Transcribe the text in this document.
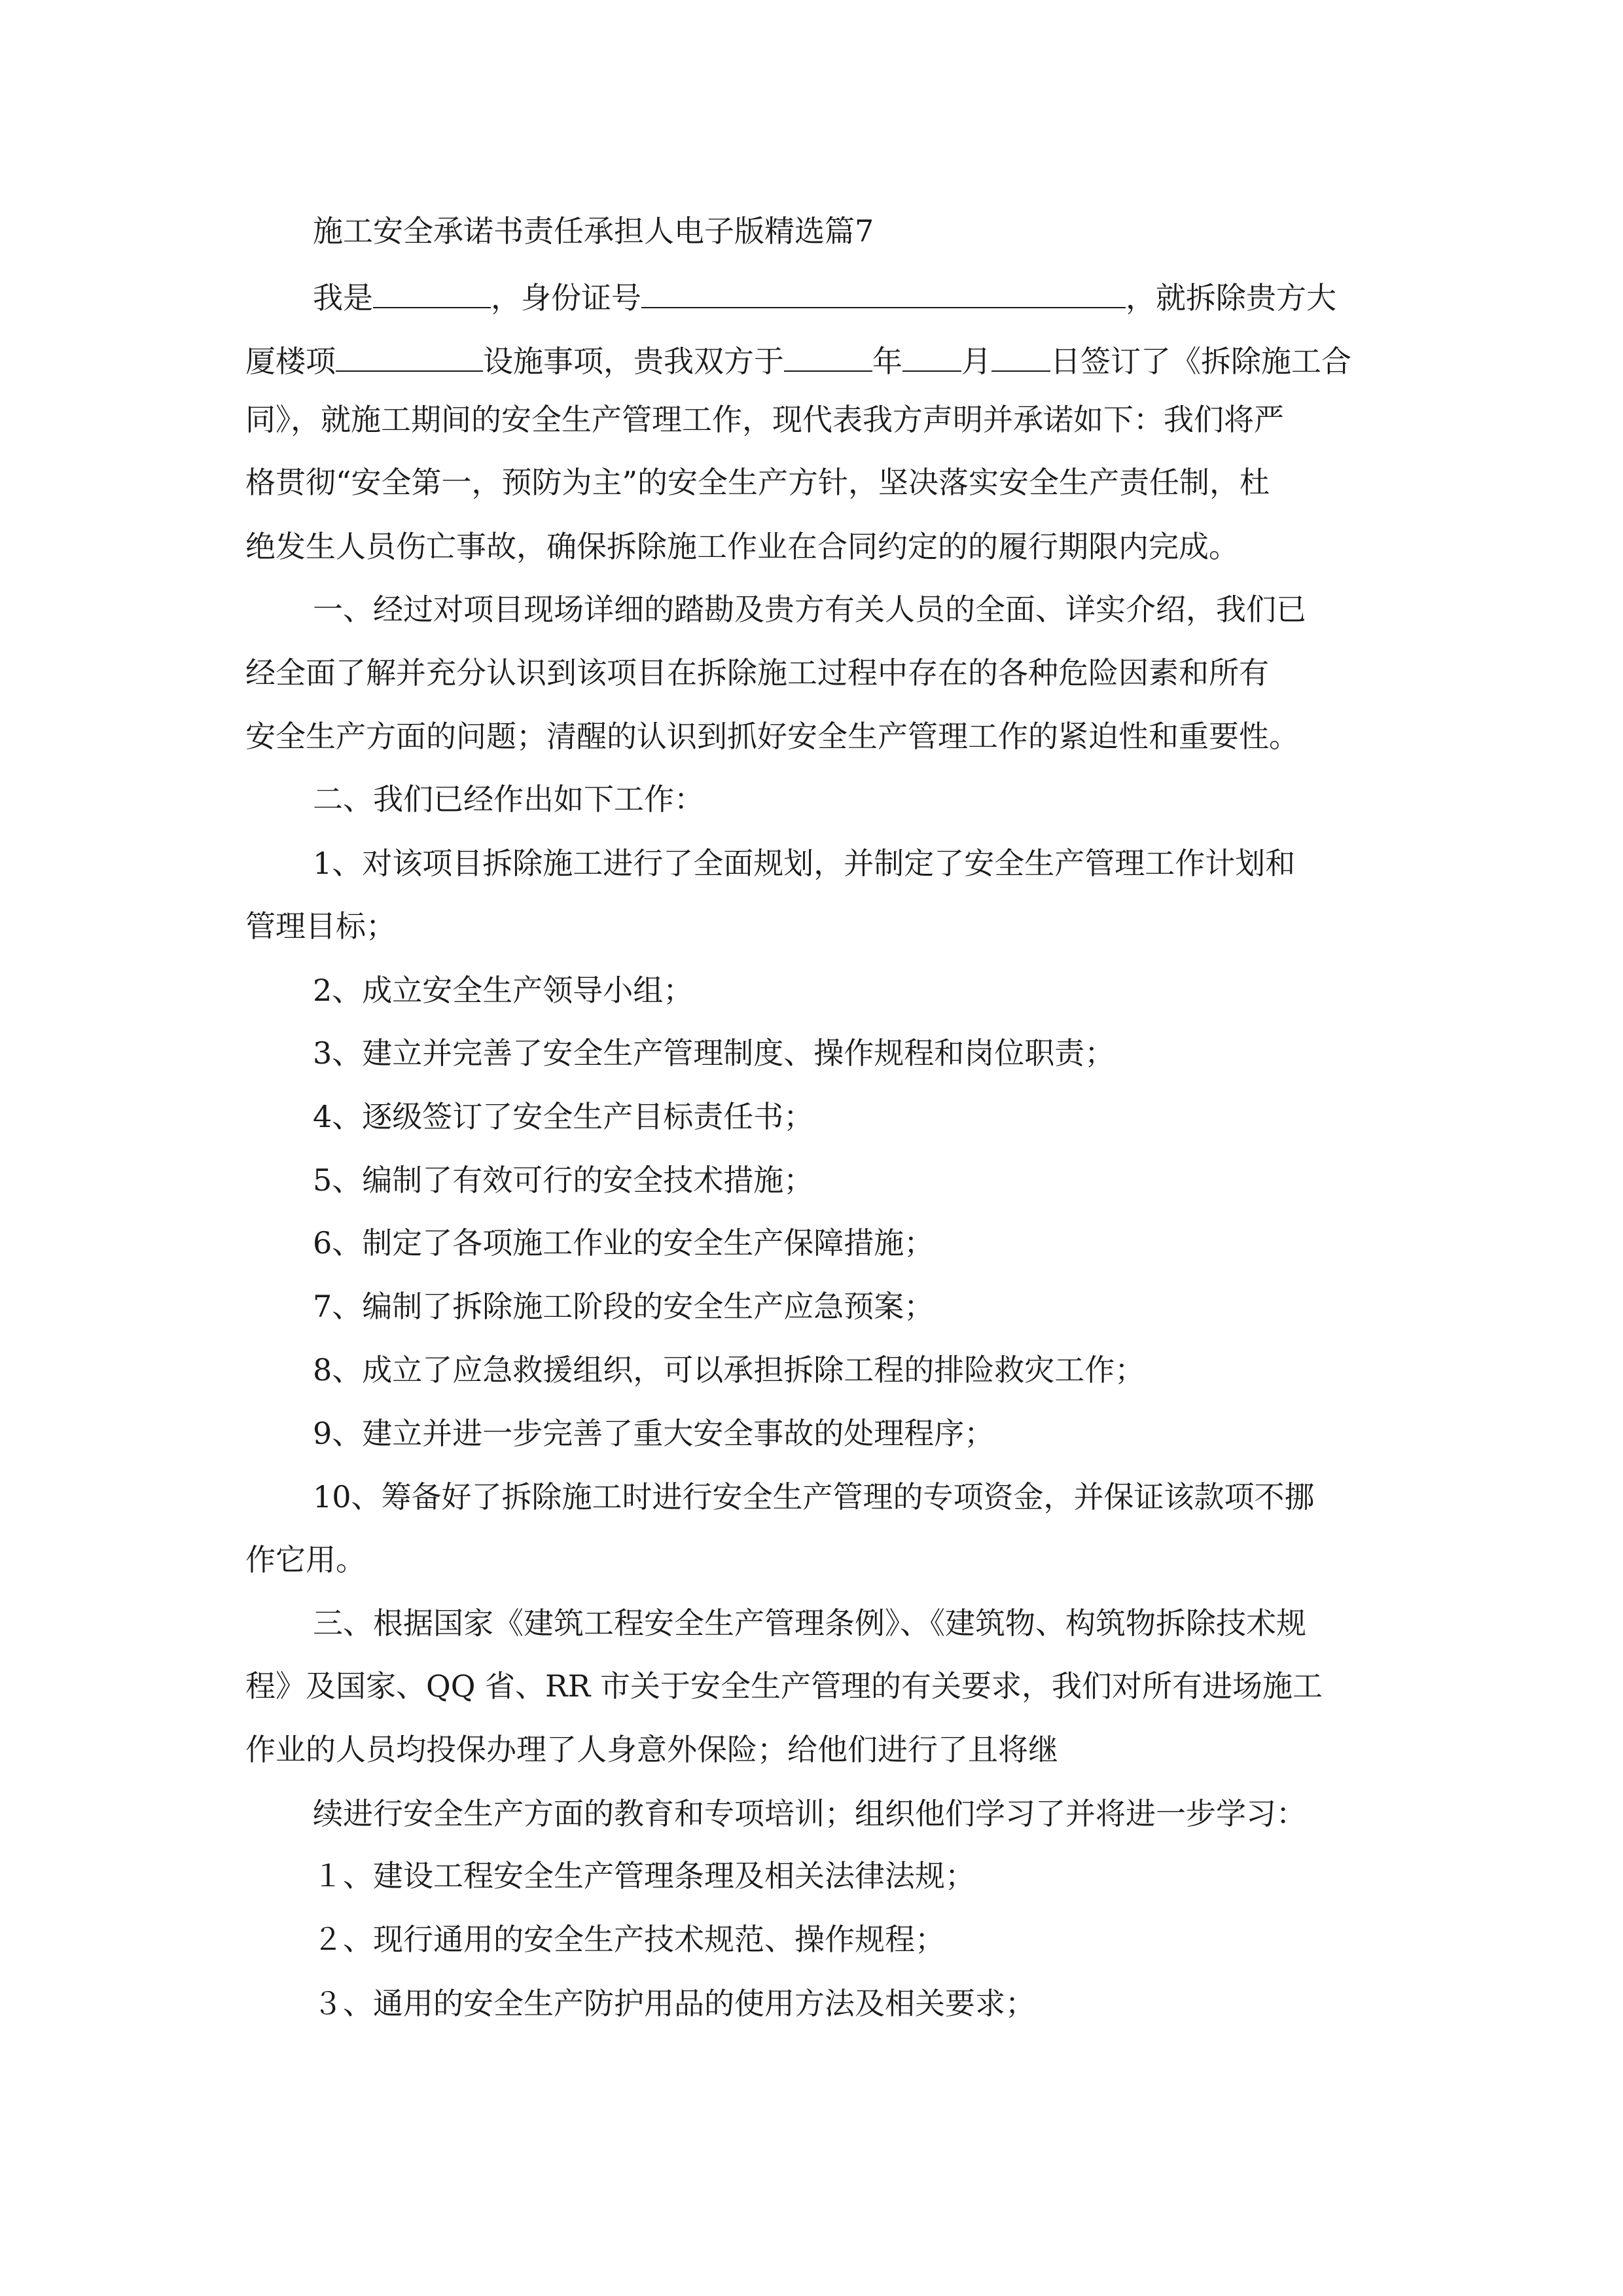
施工安全承诺书责任承担人电子版精选篇7
我是	，身份证号	，就拆除贵方大
厦楼项	设施事项，贵我双方于	年 月 日签订了《拆除施工合
同》，就施工期间的安全生产管理工作，现代表我方声明并承诺如下：我们将严
格贯彻“安全第一，预防为主”的安全生产方针，坚决落实安全生产责任制，杜
绝发生人员伤亡事故，确保拆除施工作业在合同约定的的履行期限内完成。
一、经过对项目现场详细的踏勘及贵方有关人员的全面、详实介绍，我们已
经全面了解并充分认识到该项目在拆除施工过程中存在的各种危险因素和所有
安全生产方面的问题；清醒的认识到抓好安全生产管理工作的紧迫性和重要性。
二、我们已经作出如下工作：
1、对该项目拆除施工进行了全面规划，并制定了安全生产管理工作计划和
管理目标；
2、成立安全生产领导小组；
3、建立并完善了安全生产管理制度、操作规程和岗位职责；
4、逐级签订了安全生产目标责任书；
5、编制了有效可行的安全技术措施；
6、制定了各项施工作业的安全生产保障措施；
7、编制了拆除施工阶段的安全生产应急预案；
8、成立了应急救援组织，可以承担拆除工程的排险救灾工作；
9、建立并进一步完善了重大安全事故的处理程序；
10、筹备好了拆除施工时进行安全生产管理的专项资金，并保证该款项不挪
作它用。
三、根据国家《建筑工程安全生产管理条例》、《建筑物、构筑物拆除技术规
程》及国家、QQ 省、RR 市关于安全生产管理的有关要求，我们对所有进场施工
作业的人员均投保办理了人身意外保险；给他们进行了且将继
续进行安全生产方面的教育和专项培训；组织他们学习了并将进一步学习：
１、建设工程安全生产管理条理及相关法律法规；
２、现行通用的安全生产技术规范、操作规程；
３、通用的安全生产防护用品的使用方法及相关要求；
